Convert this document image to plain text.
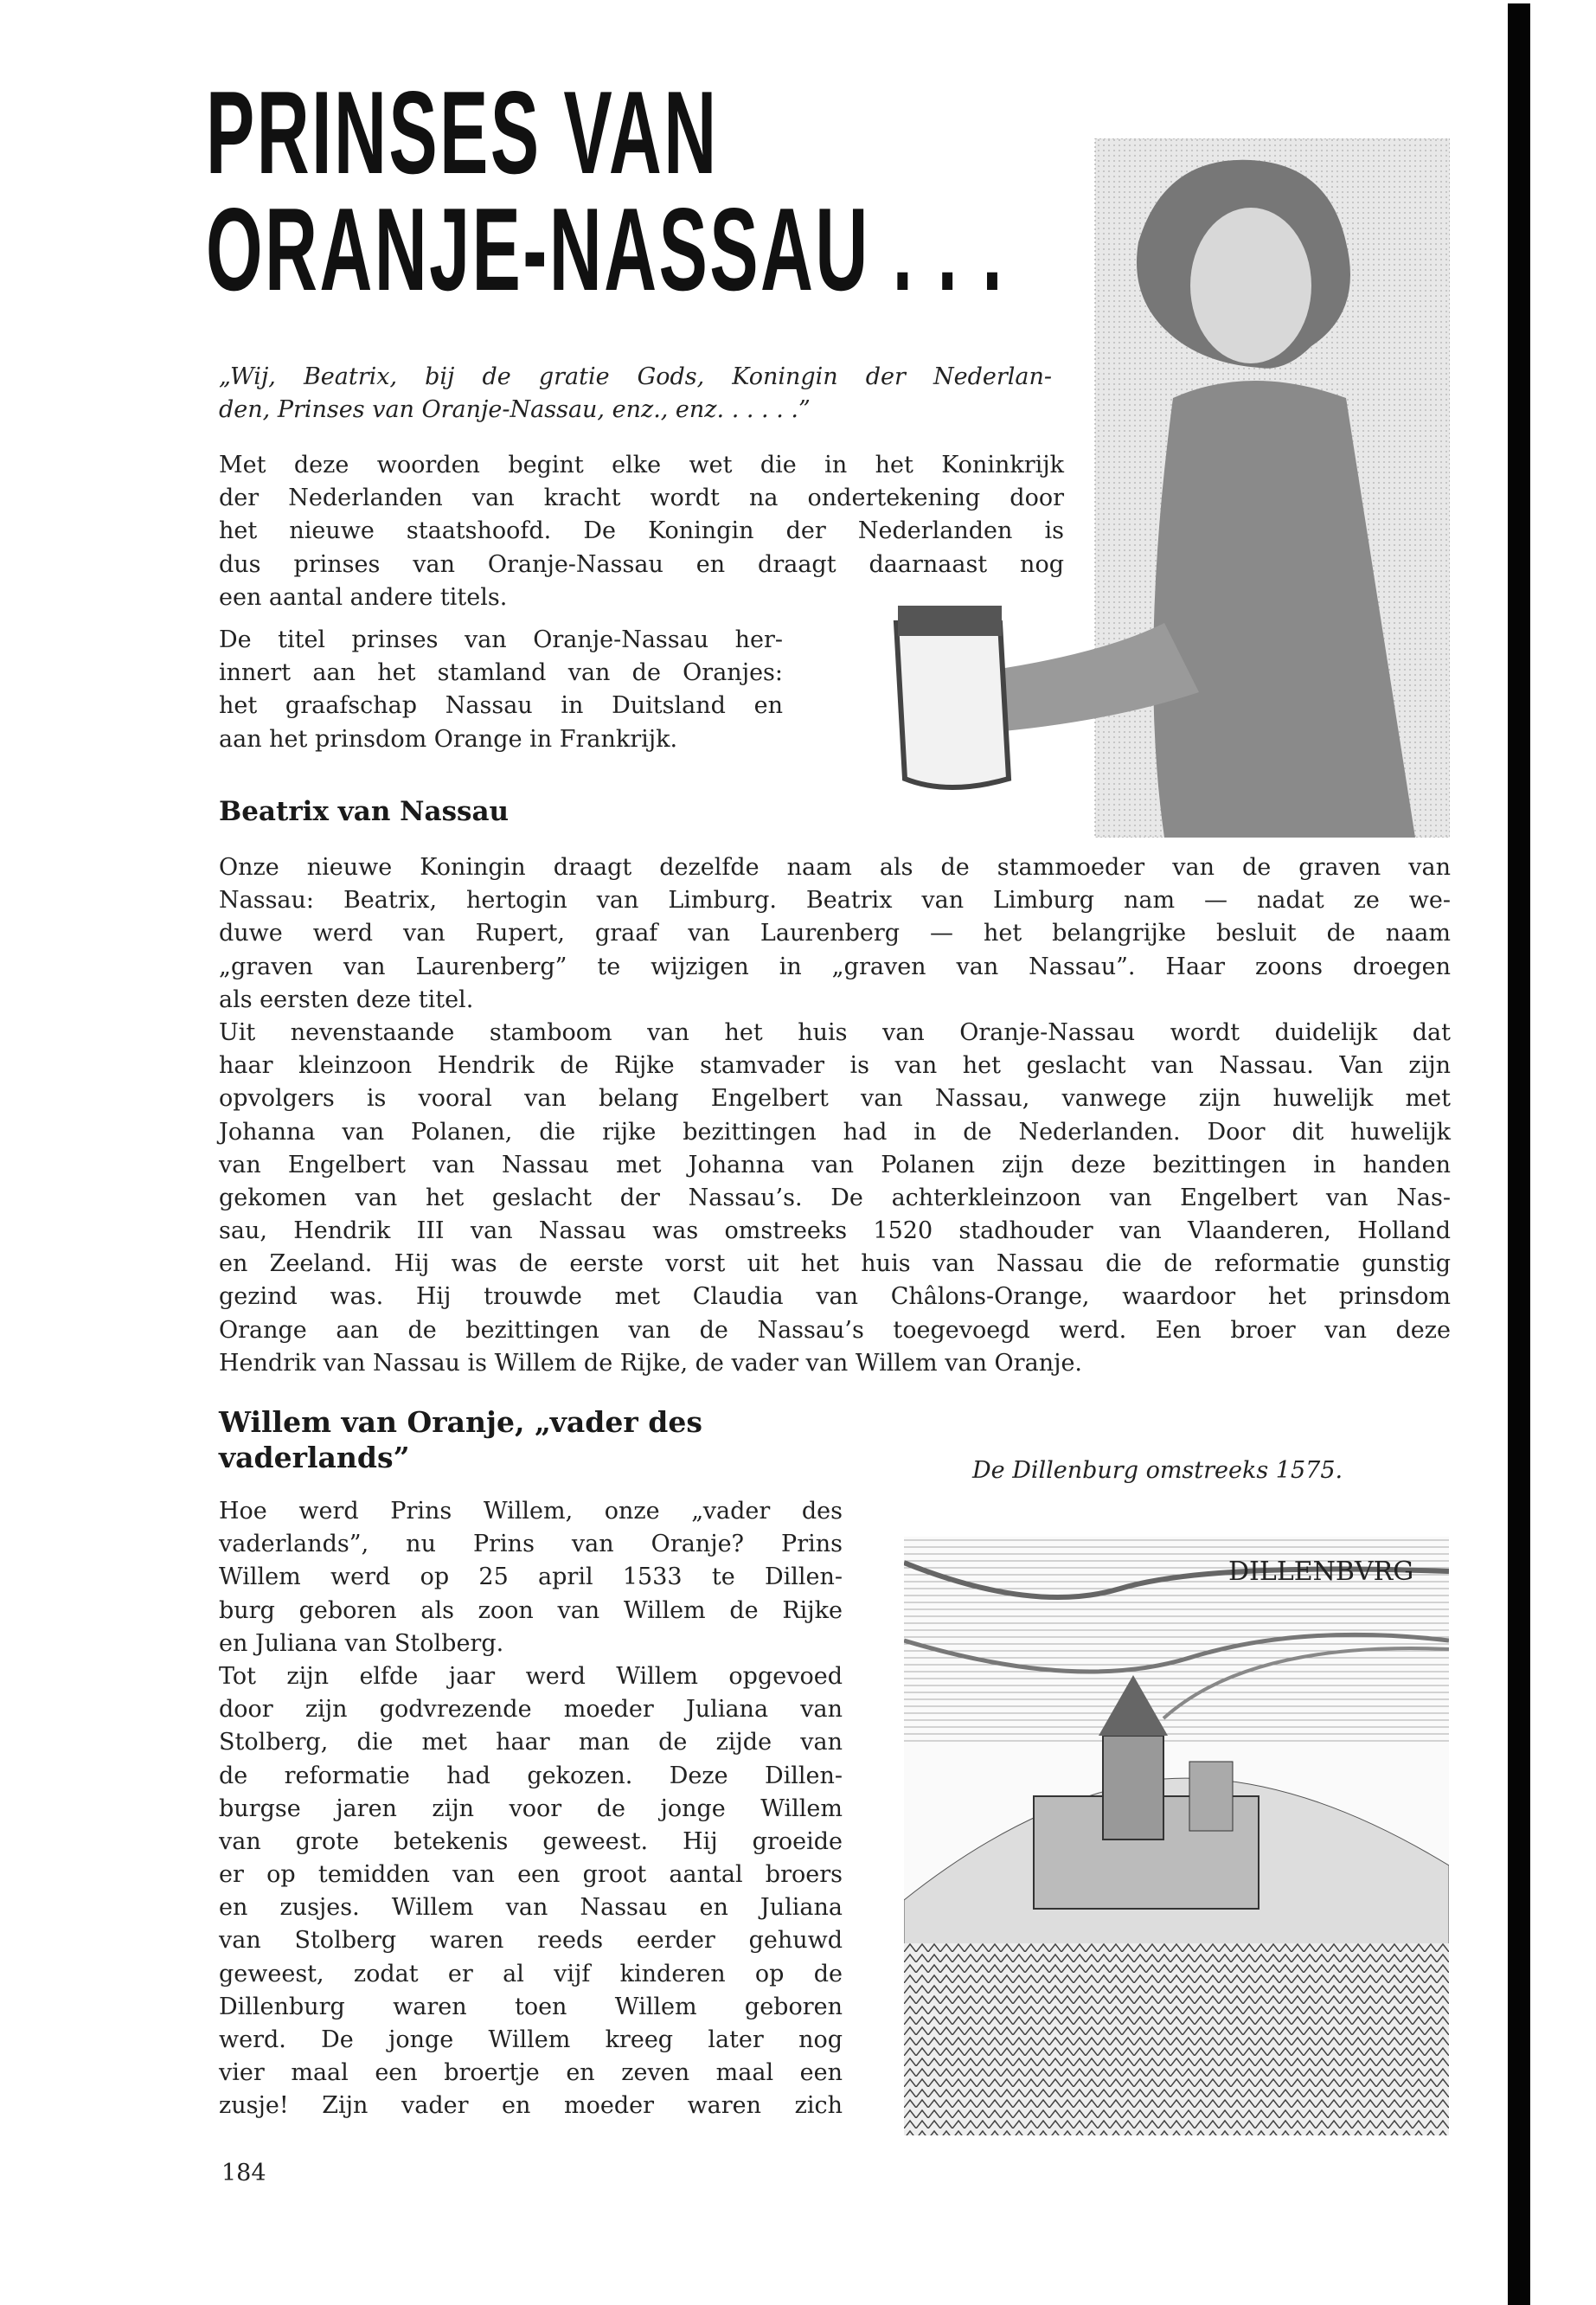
PRINSES VAN
ORANJE-NASSAU . . .
„Wij, Beatrix, bij de gratie Gods, Koningin der Nederlan-
den, Prinses van Oranje-Nassau, enz., enz. . . . . .”
Met deze woorden begint elke wet die in het Koninkrijk
der Nederlanden van kracht wordt na ondertekening door
het nieuwe staatshoofd. De Koningin der Nederlanden is
dus prinses van Oranje-Nassau en draagt daarnaast nog
een aantal andere titels.
De titel prinses van Oranje-Nassau her-
innert aan het stamland van de Oranjes:
het graafschap Nassau in Duitsland en
aan het prinsdom Orange in Frankrijk.
Beatrix van Nassau
Onze nieuwe Koningin draagt dezelfde naam als de stammoeder van de graven van
Nassau: Beatrix, hertogin van Limburg. Beatrix van Limburg nam — nadat ze we-
duwe werd van Rupert, graaf van Laurenberg — het belangrijke besluit de naam
„graven van Laurenberg” te wijzigen in „graven van Nassau”. Haar zoons droegen
als eersten deze titel.
Uit nevenstaande stamboom van het huis van Oranje-Nassau wordt duidelijk dat
haar kleinzoon Hendrik de Rijke stamvader is van het geslacht van Nassau. Van zijn
opvolgers is vooral van belang Engelbert van Nassau, vanwege zijn huwelijk met
Johanna van Polanen, die rijke bezittingen had in de Nederlanden. Door dit huwelijk
van Engelbert van Nassau met Johanna van Polanen zijn deze bezittingen in handen
gekomen van het geslacht der Nassau’s. De achterkleinzoon van Engelbert van Nas-
sau, Hendrik III van Nassau was omstreeks 1520 stadhouder van Vlaanderen, Holland
en Zeeland. Hij was de eerste vorst uit het huis van Nassau die de reformatie gunstig
gezind was. Hij trouwde met Claudia van Châlons-Orange, waardoor het prinsdom
Orange aan de bezittingen van de Nassau’s toegevoegd werd. Een broer van deze
Hendrik van Nassau is Willem de Rijke, de vader van Willem van Oranje.
Willem van Oranje, „vader des
vaderlands”
Hoe werd Prins Willem, onze „vader des
vaderlands”, nu Prins van Oranje? Prins
Willem werd op 25 april 1533 te Dillen-
burg geboren als zoon van Willem de Rijke
en Juliana van Stolberg.
Tot zijn elfde jaar werd Willem opgevoed
door zijn godvrezende moeder Juliana van
Stolberg, die met haar man de zijde van
de reformatie had gekozen. Deze Dillen-
burgse jaren zijn voor de jonge Willem
van grote betekenis geweest. Hij groeide
er op temidden van een groot aantal broers
en zusjes. Willem van Nassau en Juliana
van Stolberg waren reeds eerder gehuwd
geweest, zodat er al vijf kinderen op de
Dillenburg waren toen Willem geboren
werd. De jonge Willem kreeg later nog
vier maal een broertje en zeven maal een
zusje! Zijn vader en moeder waren zich
De Dillenburg omstreeks 1575.
DILLENBVRG
184
